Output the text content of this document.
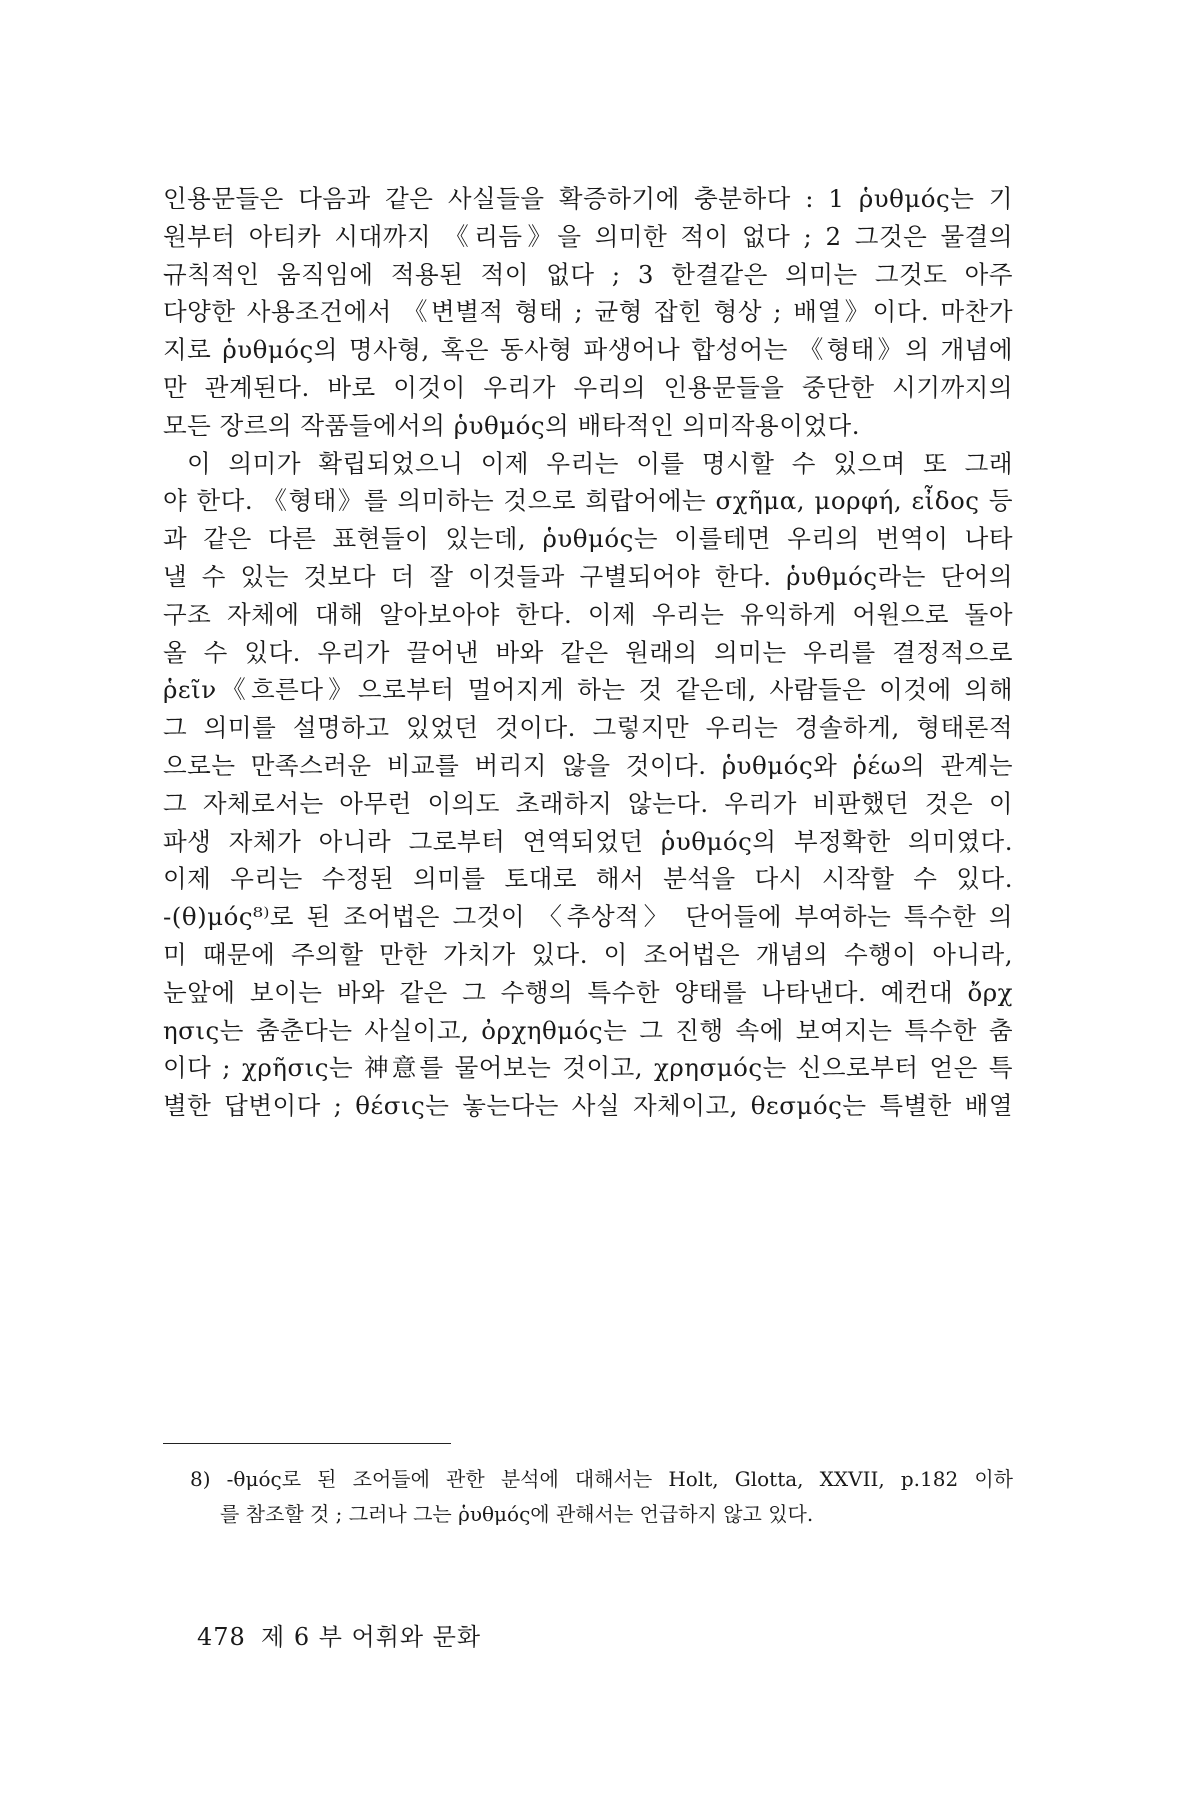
인용문들은 다음과 같은 사실들을 확증하기에 충분하다 : 1 ῥυθμός는 기
원부터 아티카 시대까지 《리듬》을 의미한 적이 없다 ; 2 그것은 물결의
규칙적인 움직임에 적용된 적이 없다 ; 3 한결같은 의미는 그것도 아주
다양한 사용조건에서 《변별적 형태 ; 균형 잡힌 형상 ; 배열》이다. 마찬가
지로 ῥυθμός의 명사형, 혹은 동사형 파생어나 합성어는 《형태》의 개념에
만 관계된다. 바로 이것이 우리가 우리의 인용문들을 중단한 시기까지의
모든 장르의 작품들에서의 ῥυθμός의 배타적인 의미작용이었다.
이 의미가 확립되었으니 이제 우리는 이를 명시할 수 있으며 또 그래
야 한다. 《형태》를 의미하는 것으로 희랍어에는 σχῆμα, μορφή, εἶδος 등
과 같은 다른 표현들이 있는데, ῥυθμός는 이를테면 우리의 번역이 나타
낼 수 있는 것보다 더 잘 이것들과 구별되어야 한다. ῥυθμός라는 단어의
구조 자체에 대해 알아보아야 한다. 이제 우리는 유익하게 어원으로 돌아
올 수 있다. 우리가 끌어낸 바와 같은 원래의 의미는 우리를 결정적으로
ῥεῖν《흐른다》으로부터 멀어지게 하는 것 같은데, 사람들은 이것에 의해
그 의미를 설명하고 있었던 것이다. 그렇지만 우리는 경솔하게, 형태론적
으로는 만족스러운 비교를 버리지 않을 것이다. ῥυθμός와 ῥέω의 관계는
그 자체로서는 아무런 이의도 초래하지 않는다. 우리가 비판했던 것은 이
파생 자체가 아니라 그로부터 연역되었던 ῥυθμός의 부정확한 의미였다.
이제 우리는 수정된 의미를 토대로 해서 분석을 다시 시작할 수 있다.
-(θ)μός⁸⁾로 된 조어법은 그것이 〈추상적〉 단어들에 부여하는 특수한 의
미 때문에 주의할 만한 가치가 있다. 이 조어법은 개념의 수행이 아니라,
눈앞에 보이는 바와 같은 그 수행의 특수한 양태를 나타낸다. 예컨대 ὄρχ
ησις는 춤춘다는 사실이고, ὀρχηθμός는 그 진행 속에 보여지는 특수한 춤
이다 ; χρῆσις는 神意를 물어보는 것이고, χρησμός는 신으로부터 얻은 특
별한 답변이다 ; θέσις는 놓는다는 사실 자체이고, θεσμός는 특별한 배열
8) -θμός로 된 조어들에 관한 분석에 대해서는 Holt, Glotta, XXVII, p.182 이하
를 참조할 것 ; 그러나 그는 ῥυθμός에 관해서는 언급하지 않고 있다.
478 제 6 부 어휘와 문화
